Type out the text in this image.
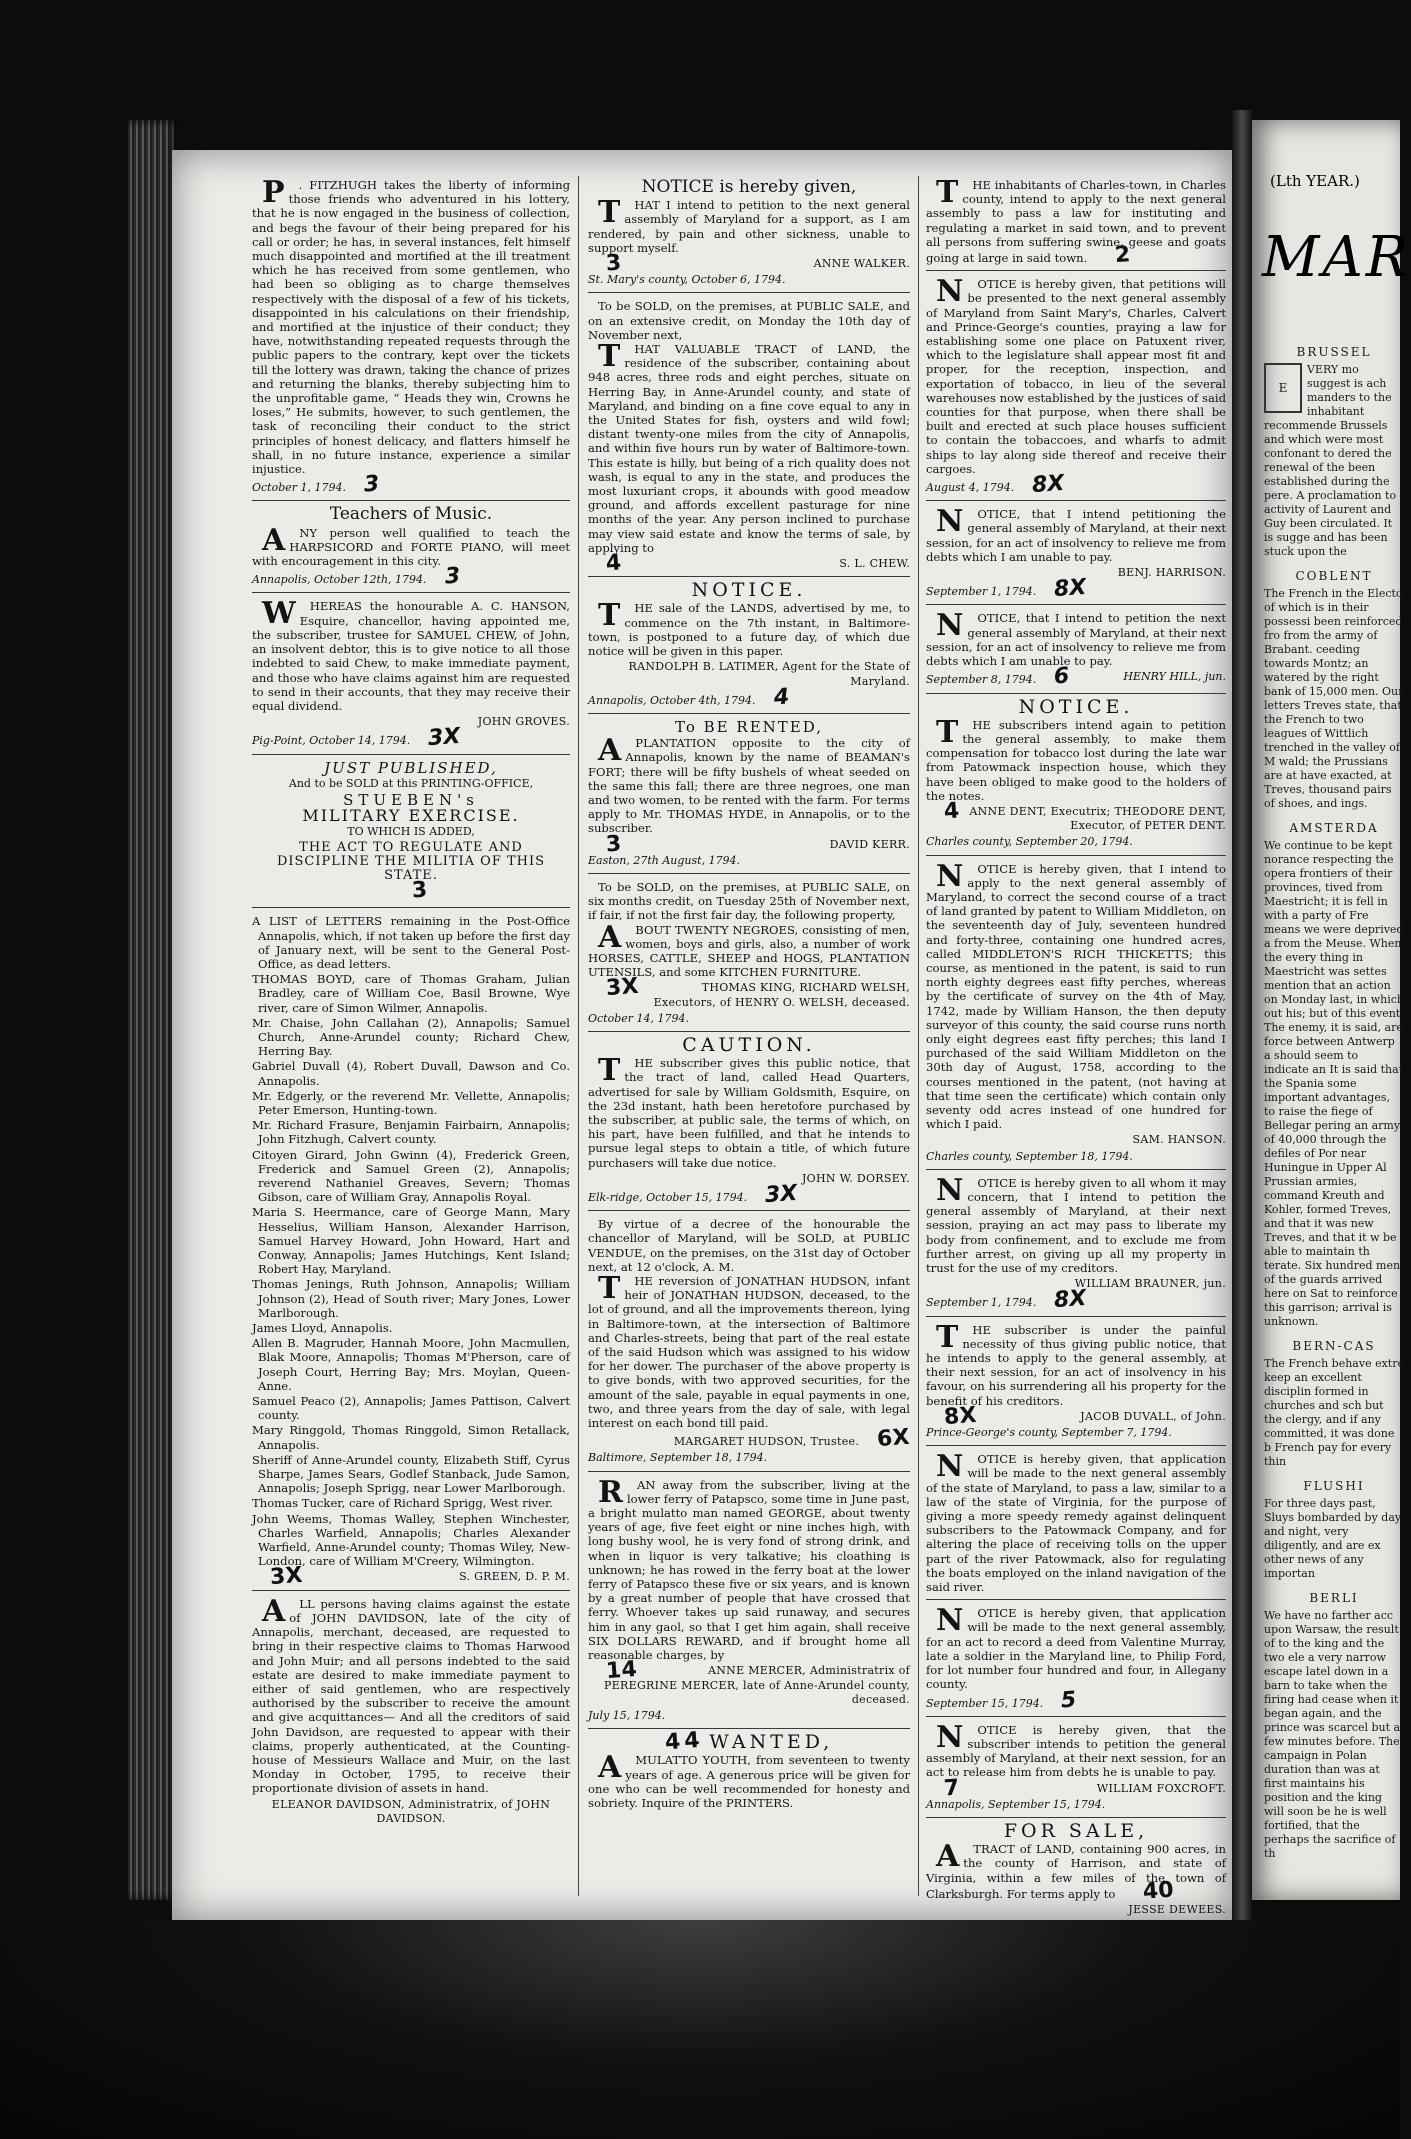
P . FITZHUGH takes the liberty of informing those friends who adventured in his lottery, that he is now engaged in the business of collection, and begs the favour of their being prepared for his call or order; he has, in several instances, felt himself much disappointed and mortified at the ill treatment which he has received from some gentlemen, who had been so obliging as to charge themselves respectively with the disposal of a few of his tickets, disappointed in his calculations on their friendship, and mortified at the injustice of their conduct; they have, notwithstanding repeated requests through the public papers to the contrary, kept over the tickets till the lottery was drawn, taking the chance of prizes and returning the blanks, thereby subjecting him to the unprofitable game, “ Heads they win, Crowns he loses,” He submits, however, to such gentlemen, the task of reconciling their conduct to the strict principles of honest delicacy, and flatters himself he shall, in no future instance, experience a similar injustice.

October 1, 1794. 3
Teachers of Music.

A NY person well qualified to teach the HARPSICORD and FORTE PIANO, will meet with encouragement in this city.

Annapolis, October 12th, 1794. 3

W HEREAS the honourable A. C. HANSON, Esquire, chancellor, having appointed me, the subscriber, trustee for SAMUEL CHEW, of John, an insolvent debtor, this is to give notice to all those indebted to said Chew, to make immediate payment, and those who have claims against him are requested to send in their accounts, that they may receive their equal dividend.

JOHN GROVES.
Pig-Point, October 14, 1794. 3X
JUST PUBLISHED,
And to be SOLD at this PRINTING-OFFICE,
STUEBEN's
MILITARY EXERCISE.
TO WHICH IS ADDED,
THE ACT TO REGULATE AND DISCIPLINE THE MILITIA OF THIS STATE.
3

A LIST of LETTERS remaining in the Post-Office Annapolis, which, if not taken up before the first day of January next, will be sent to the General Post-Office, as dead letters.

THOMAS BOYD, care of Thomas Graham, Julian Bradley, care of William Coe, Basil Browne, Wye river, care of Simon Wilmer, Annapolis.

Mr. Chaise, John Callahan (2), Annapolis; Samuel Church, Anne-Arundel county; Richard Chew, Herring Bay.

Gabriel Duvall (4), Robert Duvall, Dawson and Co. Annapolis.

Mr. Edgerly, or the reverend Mr. Vellette, Annapolis; Peter Emerson, Hunting-town.

Mr. Richard Frasure, Benjamin Fairbairn, Annapolis; John Fitzhugh, Calvert county.

Citoyen Girard, John Gwinn (4), Frederick Green, Frederick and Samuel Green (2), Annapolis; reverend Nathaniel Greaves, Severn; Thomas Gibson, care of William Gray, Annapolis Royal.

Maria S. Heermance, care of George Mann, Mary Hesselius, William Hanson, Alexander Harrison, Samuel Harvey Howard, John Howard, Hart and Conway, Annapolis; James Hutchings, Kent Island; Robert Hay, Maryland.

Thomas Jenings, Ruth Johnson, Annapolis; William Johnson (2), Head of South river; Mary Jones, Lower Marlborough.

James Lloyd, Annapolis.

Allen B. Magruder, Hannah Moore, John Macmullen, Blak Moore, Annapolis; Thomas M'Pherson, care of Joseph Court, Herring Bay; Mrs. Moylan, Queen-Anne.

Samuel Peaco (2), Annapolis; James Pattison, Calvert county.

Mary Ringgold, Thomas Ringgold, Simon Retallack, Annapolis.

Sheriff of Anne-Arundel county, Elizabeth Stiff, Cyrus Sharpe, James Sears, Godlef Stanback, Jude Samon, Annapolis; Joseph Sprigg, near Lower Marlborough.

Thomas Tucker, care of Richard Sprigg, West river.

John Weems, Thomas Walley, Stephen Winchester, Charles Warfield, Annapolis; Charles Alexander Warfield, Anne-Arundel county; Thomas Wiley, New-London, care of William M'Creery, Wilmington.

3X	S. GREEN, D. P. M.

A LL persons having claims against the estate of JOHN DAVIDSON, late of the city of Annapolis, merchant, deceased, are requested to bring in their respective claims to Thomas Harwood and John Muir; and all persons indebted to the said estate are desired to make immediate payment to either of said gentlemen, who are respectively authorised by the subscriber to receive the amount and give acquittances— And all the creditors of said John Davidson, are requested to appear with their claims, properly authenticated, at the Counting-house of Messieurs Wallace and Muir, on the last Monday in October, 1795, to receive their proportionate division of assets in hand.

ELEANOR DAVIDSON, Administratrix, of JOHN DAVIDSON.
NOTICE is hereby given,

T HAT I intend to petition to the next general assembly of Maryland for a support, as I am rendered, by pain and other sickness, unable to support myself.

3	ANNE WALKER.
St. Mary's county, October 6, 1794.

To be SOLD, on the premises, at PUBLIC SALE, and on an extensive credit, on Monday the 10th day of November next,

T HAT VALUABLE TRACT of LAND, the residence of the subscriber, containing about 948 acres, three rods and eight perches, situate on Herring Bay, in Anne-Arundel county, and state of Maryland, and binding on a fine cove equal to any in the United States for fish, oysters and wild fowl; distant twenty-one miles from the city of Annapolis, and within five hours run by water of Baltimore-town. This estate is hilly, but being of a rich quality does not wash, is equal to any in the state, and produces the most luxuriant crops, it abounds with good meadow ground, and affords excellent pasturage for nine months of the year. Any person inclined to purchase may view said estate and know the terms of sale, by applying to

4	S. L. CHEW.
NOTICE.

T HE sale of the LANDS, advertised by me, to commence on the 7th instant, in Baltimore-town, is postponed to a future day, of which due notice will be given in this paper.

RANDOLPH B. LATIMER, Agent for the State of Maryland.
Annapolis, October 4th, 1794. 4
To BE RENTED,

A PLANTATION opposite to the city of Annapolis, known by the name of BEAMAN's FORT; there will be fifty bushels of wheat seeded on the same this fall; there are three negroes, one man and two women, to be rented with the farm. For terms apply to Mr. THOMAS HYDE, in Annapolis, or to the subscriber.

3	DAVID KERR.
Easton, 27th August, 1794.

To be SOLD, on the premises, at PUBLIC SALE, on six months credit, on Tuesday 25th of November next, if fair, if not the first fair day, the following property,

A BOUT TWENTY NEGROES, consisting of men, women, boys and girls, also, a number of work HORSES, CATTLE, SHEEP and HOGS, PLANTATION UTENSILS, and some KITCHEN FURNITURE.

3X	THOMAS KING, RICHARD WELSH, Executors, of HENRY O. WELSH, deceased.
October 14, 1794.
CAUTION.

T HE subscriber gives this public notice, that the tract of land, called Head Quarters, advertised for sale by William Goldsmith, Esquire, on the 23d instant, hath been heretofore purchased by the subscriber, at public sale, the terms of which, on his part, have been fulfilled, and that he intends to pursue legal steps to obtain a title, of which future purchasers will take due notice.

JOHN W. DORSEY.
Elk-ridge, October 15, 1794. 3X

By virtue of a decree of the honourable the chancellor of Maryland, will be SOLD, at PUBLIC VENDUE, on the premises, on the 31st day of October next, at 12 o'clock, A. M.

T HE reversion of JONATHAN HUDSON, infant heir of JONATHAN HUDSON, deceased, to the lot of ground, and all the improvements thereon, lying in Baltimore-town, at the intersection of Baltimore and Charles-streets, being that part of the real estate of the said Hudson which was assigned to his widow for her dower. The purchaser of the above property is to give bonds, with two approved securities, for the amount of the sale, payable in equal payments in one, two, and three years from the day of sale, with legal interest on each bond till paid.

MARGARET HUDSON, Trustee. 6X
Baltimore, September 18, 1794.

R AN away from the subscriber, living at the lower ferry of Patapsco, some time in June past, a bright mulatto man named GEORGE, about twenty years of age, five feet eight or nine inches high, with long bushy wool, he is very fond of strong drink, and when in liquor is very talkative; his cloathing is unknown; he has rowed in the ferry boat at the lower ferry of Patapsco these five or six years, and is known by a great number of people that have crossed that ferry. Whoever takes up said runaway, and secures him in any gaol, so that I get him again, shall receive SIX DOLLARS REWARD, and if brought home all reasonable charges, by

14	ANNE MERCER, Administratrix of PEREGRINE MERCER, late of Anne-Arundel county, deceased.
July 15, 1794.
44 WANTED,

A MULATTO YOUTH, from seventeen to twenty years of age. A generous price will be given for one who can be well recommended for honesty and sobriety. Inquire of the PRINTERS.

T HE inhabitants of Charles-town, in Charles county, intend to apply to the next general assembly to pass a law for instituting and regulating a market in said town, and to prevent all persons from suffering swine, geese and goats going at large in said town. 2

N OTICE is hereby given, that petitions will be presented to the next general assembly of Maryland from Saint Mary's, Charles, Calvert and Prince-George's counties, praying a law for establishing some one place on Patuxent river, which to the legislature shall appear most fit and proper, for the reception, inspection, and exportation of tobacco, in lieu of the several warehouses now established by the justices of said counties for that purpose, when there shall be built and erected at such place houses sufficient to contain the tobaccoes, and wharfs to admit ships to lay along side thereof and receive their cargoes.

August 4, 1794. 8X

N OTICE, that I intend petitioning the general assembly of Maryland, at their next session, for an act of insolvency to relieve me from debts which I am unable to pay.

BENJ. HARRISON.
September 1, 1794. 8X

N OTICE, that I intend to petition the next general assembly of Maryland, at their next session, for an act of insolvency to relieve me from debts which I am unable to pay.

September 8, 1794. 6	HENRY HILL, jun.
NOTICE.

T HE subscribers intend again to petition the general assembly, to make them compensation for tobacco lost during the late war from Patowmack inspection house, which they have been obliged to make good to the holders of the notes.

4 ANNE DENT, Executrix; THEODORE DENT, Executor, of PETER DENT.
Charles county, September 20, 1794.

N OTICE is hereby given, that I intend to apply to the next general assembly of Maryland, to correct the second course of a tract of land granted by patent to William Middleton, on the seventeenth day of July, seventeen hundred and forty-three, containing one hundred acres, called MIDDLETON'S RICH THICKETTS; this course, as mentioned in the patent, is said to run north eighty degrees east fifty perches, whereas by the certificate of survey on the 4th of May, 1742, made by William Hanson, the then deputy surveyor of this county, the said course runs north only eight degrees east fifty perches; this land I purchased of the said William Middleton on the 30th day of August, 1758, according to the courses mentioned in the patent, (not having at that time seen the certificate) which contain only seventy odd acres instead of one hundred for which I paid.

SAM. HANSON.
Charles county, September 18, 1794.

N OTICE is hereby given to all whom it may concern, that I intend to petition the general assembly of Maryland, at their next session, praying an act may pass to liberate my body from confinement, and to exclude me from further arrest, on giving up all my property in trust for the use of my creditors.

WILLIAM BRAUNER, jun.
September 1, 1794. 8X

T HE subscriber is under the painful necessity of thus giving public notice, that he intends to apply to the general assembly, at their next session, for an act of insolvency in his favour, on his surrendering all his property for the benefit of his creditors.

8X	JACOB DUVALL, of John.
Prince-George's county, September 7, 1794.

N OTICE is hereby given, that application will be made to the next general assembly of the state of Maryland, to pass a law, similar to a law of the state of Virginia, for the purpose of giving a more speedy remedy against delinquent subscribers to the Patowmack Company, and for altering the place of receiving tolls on the upper part of the river Patowmack, also for regulating the boats employed on the inland navigation of the said river.

N OTICE is hereby given, that application will be made to the next general assembly, for an act to record a deed from Valentine Murray, late a soldier in the Maryland line, to Philip Ford, for lot number four hundred and four, in Allegany county.

September 15, 1794. 5

N OTICE is hereby given, that the subscriber intends to petition the general assembly of Maryland, at their next session, for an act to release him from debts he is unable to pay.

7	WILLIAM FOXCROFT.
Annapolis, September 15, 1794.
FOR SALE,

A TRACT of LAND, containing 900 acres, in the county of Harrison, and state of Virginia, within a few miles of the town of Clarksburgh. For terms apply to 40

JESSE DEWEES.
(Lth YEAR.)
MAR
BRUSSEL
E
VERY mo suggest is ach manders to the inhabitant recommende Brussels and which were most confonant to dered the renewal of the been established during the pere. A proclamation to activity of Laurent and Guy been circulated. It is sugge and has been stuck upon the
COBLENT
The French in the Electo of which is in their possessi been reinforced fro from the army of Brabant. ceeding towards Montz; an watered by the right bank of 15,000 men. Our letters Treves state, that the French to two leagues of Wittlich trenched in the valley of M wald; the Prussians are at have exacted, at Treves, thousand pairs of shoes, and ings.
AMSTERDA
We continue to be kept norance respecting the opera frontiers of their provinces, tived from Maestricht; it is fell in with a party of Fre means we were deprived a from the Meuse. When the every thing in Maestricht was settes mention that an action on Monday last, in which out his; but of this event The enemy, it is said, are force between Antwerp a should seem to indicate an It is said that the Spania some important advantages, to raise the fiege of Bellegar pering an army of 40,000 through the defiles of Por near Huningue in Upper Al Prussian armies, command Kreuth and Kohler, formed Treves, and that it was new Treves, and that it w be able to maintain th terate. Six hundred men of the guards arrived here on Sat to reinforce this garrison; arrival is unknown.
BERN-CAS
The French behave extre keep an excellent disciplin formed in churches and sch but the clergy, and if any committed, it was done b French pay for every thin
FLUSHI
For three days past, Sluys bombarded by day and night, very diligently, and are ex other news of any importan
BERLI
We have no farther acc upon Warsaw, the result of to the king and the two ele a very narrow escape latel down in a barn to take when the firing had cease when it began again, and the prince was scarcel but a few minutes before. The campaign in Polan duration than was at first maintains his position and the king will soon be he is well fortified, that the perhaps the sacrifice of th
